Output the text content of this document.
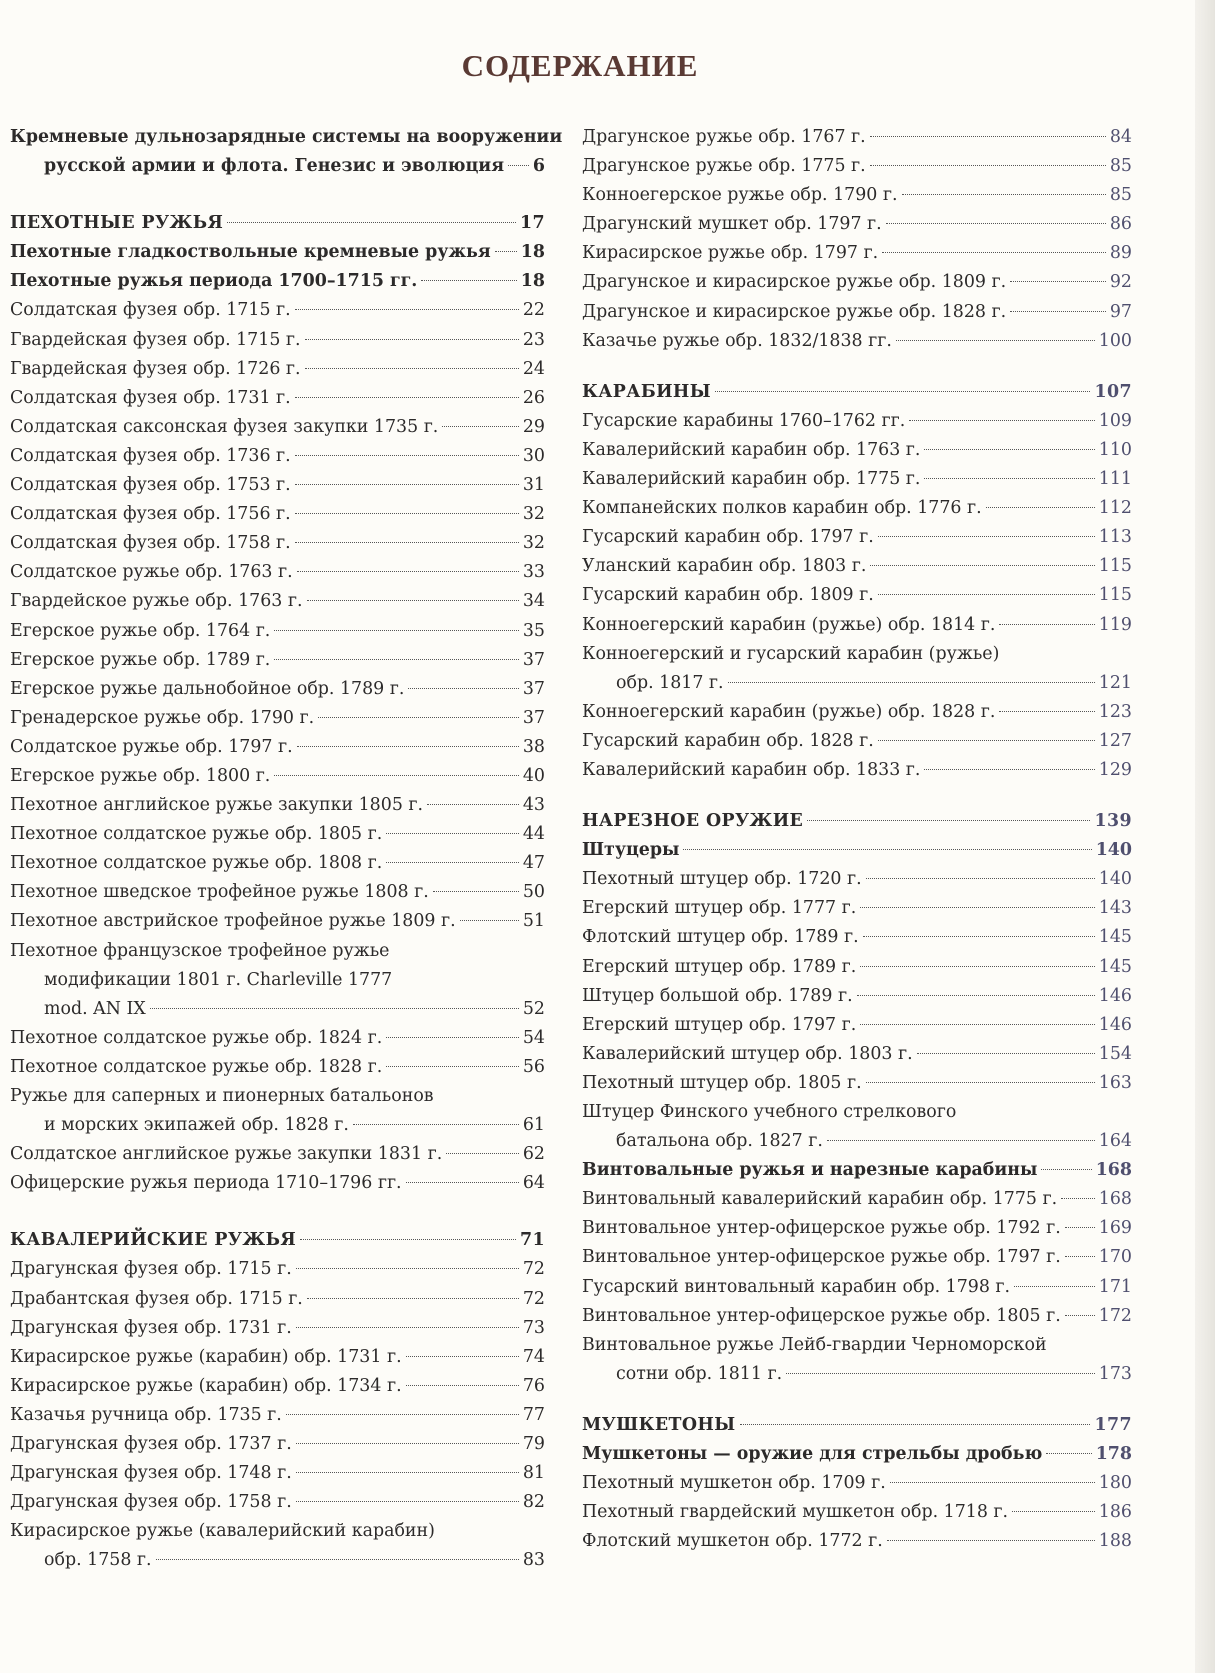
СОДЕРЖАНИЕ
Кремневые дульнозарядные системы на вооружении
русской армии и флота. Генезис и эволюция 6
ПЕХОТНЫЕ РУЖЬЯ	17
Пехотные гладкоствольные кремневые ружья 18
Пехотные ружья периода 1700–1715 гг.	18
Солдатская фузея обр. 1715 г.	22
Гвардейская фузея обр. 1715 г.	23
Гвардейская фузея обр. 1726 г.	24
Солдатская фузея обр. 1731 г.	26
Солдатская саксонская фузея закупки 1735 г.	29
Солдатская фузея обр. 1736 г.	30
Солдатская фузея обр. 1753 г.	31
Солдатская фузея обр. 1756 г.	32
Солдатская фузея обр. 1758 г.	32
Солдатское ружье обр. 1763 г.	33
Гвардейское ружье обр. 1763 г.	34
Егерское ружье обр. 1764 г.	35
Егерское ружье обр. 1789 г.	37
Егерское ружье дальнобойное обр. 1789 г.	37
Гренадерское ружье обр. 1790 г.	37
Солдатское ружье обр. 1797 г.	38
Егерское ружье обр. 1800 г.	40
Пехотное английское ружье закупки 1805 г.	43
Пехотное солдатское ружье обр. 1805 г.	44
Пехотное солдатское ружье обр. 1808 г.	47
Пехотное шведское трофейное ружье 1808 г.	50
Пехотное австрийское трофейное ружье 1809 г.	51
Пехотное французское трофейное ружье
модификации 1801 г. Charleville 1777
mod. AN IX	52
Пехотное солдатское ружье обр. 1824 г.	54
Пехотное солдатское ружье обр. 1828 г.	56
Ружье для саперных и пионерных батальонов
и морских экипажей обр. 1828 г.	61
Солдатское английское ружье закупки 1831 г.	62
Офицерские ружья периода 1710–1796 гг.	64
КАВАЛЕРИЙСКИЕ РУЖЬЯ	71
Драгунская фузея обр. 1715 г.	72
Драбантская фузея обр. 1715 г.	72
Драгунская фузея обр. 1731 г.	73
Кирасирское ружье (карабин) обр. 1731 г.	74
Кирасирское ружье (карабин) обр. 1734 г.	76
Казачья ручница обр. 1735 г.	77
Драгунская фузея обр. 1737 г.	79
Драгунская фузея обр. 1748 г.	81
Драгунская фузея обр. 1758 г.	82
Кирасирское ружье (кавалерийский карабин)
обр. 1758 г.	83
Драгунское ружье обр. 1767 г.	84
Драгунское ружье обр. 1775 г.	85
Конноегерское ружье обр. 1790 г.	85
Драгунский мушкет обр. 1797 г.	86
Кирасирское ружье обр. 1797 г.	89
Драгунское и кирасирское ружье обр. 1809 г.	92
Драгунское и кирасирское ружье обр. 1828 г.	97
Казачье ружье обр. 1832/1838 гг.	100
КАРАБИНЫ	107
Гусарские карабины 1760–1762 гг.	109
Кавалерийский карабин обр. 1763 г.	110
Кавалерийский карабин обр. 1775 г.	111
Компанейских полков карабин обр. 1776 г.	112
Гусарский карабин обр. 1797 г.	113
Уланский карабин обр. 1803 г.	115
Гусарский карабин обр. 1809 г.	115
Конноегерский карабин (ружье) обр. 1814 г.	119
Конноегерский и гусарский карабин (ружье)
обр. 1817 г.	121
Конноегерский карабин (ружье) обр. 1828 г.	123
Гусарский карабин обр. 1828 г.	127
Кавалерийский карабин обр. 1833 г.	129
НАРЕЗНОЕ ОРУЖИЕ	139
Штуцеры	140
Пехотный штуцер обр. 1720 г.	140
Егерский штуцер обр. 1777 г.	143
Флотский штуцер обр. 1789 г.	145
Егерский штуцер обр. 1789 г.	145
Штуцер большой обр. 1789 г.	146
Егерский штуцер обр. 1797 г.	146
Кавалерийский штуцер обр. 1803 г.	154
Пехотный штуцер обр. 1805 г.	163
Штуцер Финского учебного стрелкового
батальона обр. 1827 г.	164
Винтовальные ружья и нарезные карабины	168
Винтовальный кавалерийский карабин обр. 1775 г. 168
Винтовальное унтер-офицерское ружье обр. 1792 г. 169
Винтовальное унтер-офицерское ружье обр. 1797 г. 170
Гусарский винтовальный карабин обр. 1798 г.	171
Винтовальное унтер-офицерское ружье обр. 1805 г. 172
Винтовальное ружье Лейб-гвардии Черноморской
сотни обр. 1811 г.	173
МУШКЕТОНЫ	177
Мушкетоны — оружие для стрельбы дробью	178
Пехотный мушкетон обр. 1709 г.	180
Пехотный гвардейский мушкетон обр. 1718 г.	186
Флотский мушкетон обр. 1772 г.	188
